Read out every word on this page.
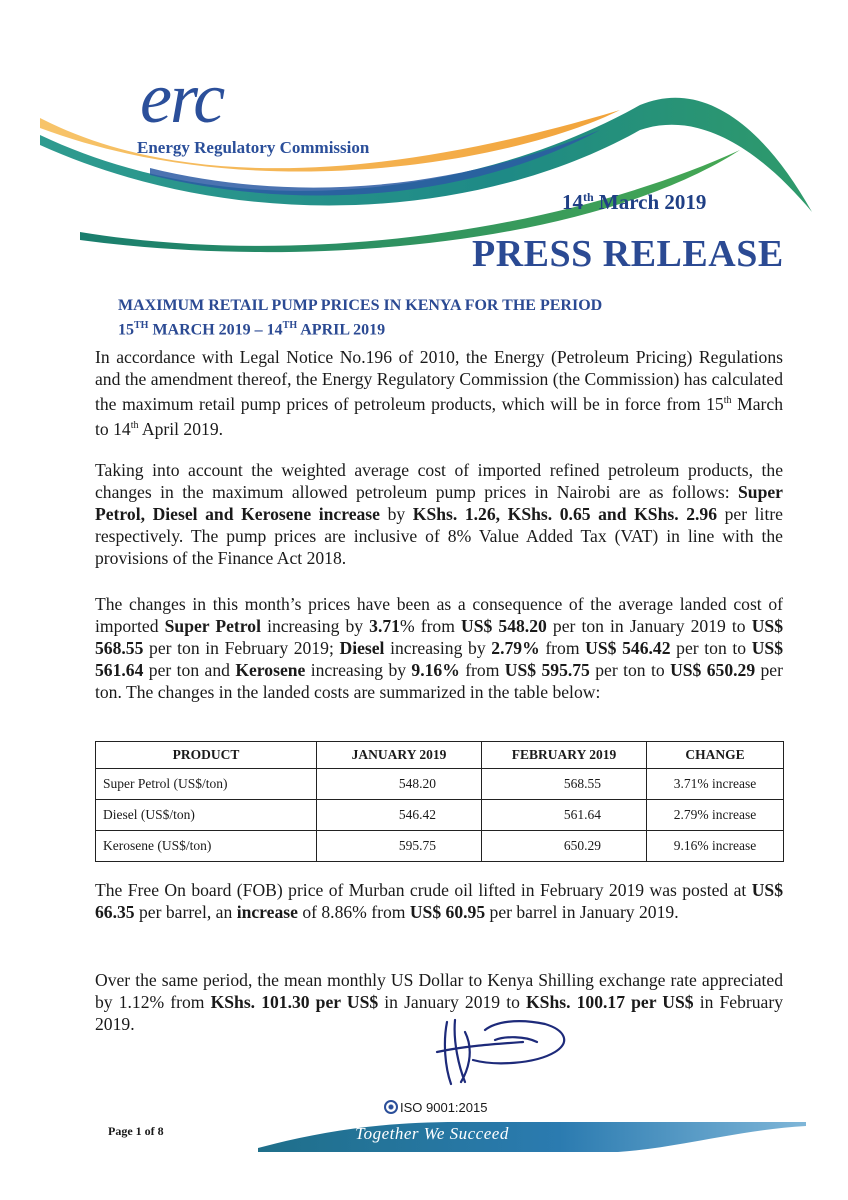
erc
Energy Regulatory Commission
14th March 2019
PRESS RELEASE
MAXIMUM RETAIL PUMP PRICES IN KENYA FOR THE PERIOD
15TH MARCH 2019 – 14TH APRIL 2019
In accordance with Legal Notice No.196 of 2010, the Energy (Petroleum Pricing) Regulations and the amendment thereof, the Energy Regulatory Commission (the Commission) has calculated the maximum retail pump prices of petroleum products, which will be in force from 15th March to 14th April 2019.
Taking into account the weighted average cost of imported refined petroleum products, the changes in the maximum allowed petroleum pump prices in Nairobi are as follows: Super Petrol, Diesel and Kerosene increase by KShs. 1.26, KShs. 0.65 and KShs. 2.96 per litre respectively. The pump prices are inclusive of 8% Value Added Tax (VAT) in line with the provisions of the Finance Act 2018.
The changes in this month’s prices have been as a consequence of the average landed cost of imported Super Petrol increasing by 3.71% from US$ 548.20 per ton in January 2019 to US$ 568.55 per ton in February 2019; Diesel increasing by 2.79% from US$ 546.42 per ton to US$ 561.64 per ton and Kerosene increasing by 9.16% from US$ 595.75 per ton to US$ 650.29 per ton. The changes in the landed costs are summarized in the table below:
PRODUCT	JANUARY 2019	FEBRUARY 2019	CHANGE
Super Petrol (US$/ton)	548.20	568.55	3.71% increase
Diesel (US$/ton)	546.42	561.64	2.79% increase
Kerosene (US$/ton)	595.75	650.29	9.16% increase
The Free On board (FOB) price of Murban crude oil lifted in February 2019 was posted at US$ 66.35 per barrel, an increase of 8.86% from US$ 60.95 per barrel in January 2019.
Over the same period, the mean monthly US Dollar to Kenya Shilling exchange rate appreciated by 1.12% from KShs. 101.30 per US$ in January 2019 to KShs. 100.17 per US$ in February 2019.
Page 1 of 8
ISO 9001:2015
Together We Succeed
